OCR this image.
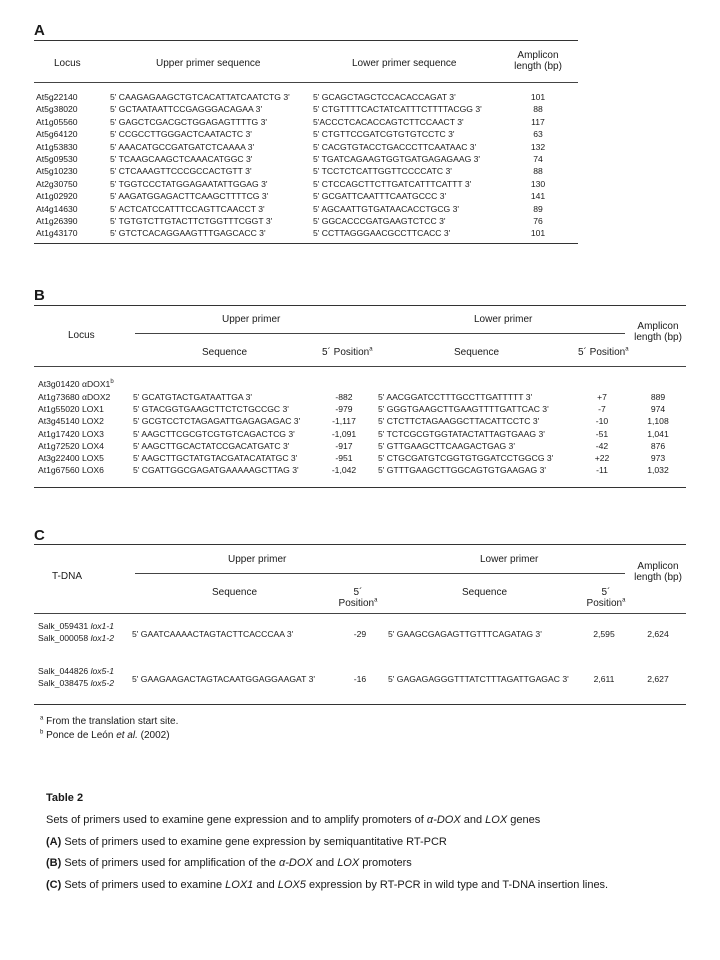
A
Locus	Upper primer sequence	Lower primer sequence
Amplicon
length (bp)
At5g22140	5' CAAGAGAAGCTGTCACATTATCAATCTG 3'	5' GCAGCTAGCTCCACACCAGAT 3'	101
At5g38020	5' GCTAATAATTCCGAGGGACAGAA 3'	5' CTGTTTTCACTATCATTTCTTTTACGG 3'	88
At1g05560	5' GAGCTCGACGCTGGAGAGTTTTG 3'	5'ACCCTCACACCAGTCTTCCAACT 3'	117
At5g64120	5' CCGCCTTGGGACTCAATACTC 3'	5' CTGTTCCGATCGTGTGTCCTC 3'	63
At1g53830	5' AAACATGCCGATGATCTCAAAA 3'	5' CACGTGTACCTGACCCTTCAATAAC 3'	132
At5g09530	5' TCAAGCAAGCTCAAACATGGC 3'	5' TGATCAGAAGTGGTGATGAGAGAAG 3'	74
At5g10230	5' CTCAAAGTTCCCGCCACTGTT 3'	5' TCCTCTCATTGGTTCCCCATC 3'	88
At2g30750	5' TGGTCCCTATGGAGAATATTGGAG 3'	5' CTCCAGCTTCTTGATCATTTCATTT 3'	130
At1g02920	5' AAGATGGAGACTTCAAGCTTTTCG 3'	5' GCGATTCAATTTCAATGCCC 3'	141
At4g14630	5' ACTCATCCATTTCCAGTTCAACCT 3'	5' AGCAATTGTGATAACACCTGCG 3'	89
At1g26390	5' TGTGTCTTGTACTTCTGGTTTCGGT 3'	5' GGCACCCGATGAAGTCTCC 3'	76
At1g43170	5' GTCTCACAGGAAGTTTGAGCACC 3'	5' CCTTAGGGAACGCCTTCACC 3'	101
B
Locus
Upper primer	Lower primer
Sequence	5´ Position$^a$	Sequence	5´ Position$^a$
Amplicon
length (bp)
At3g01420 αDOX1$^b$
At1g73680 αDOX2	5' GCATGTACTGATAATTGA 3'	-882	5' AACGGATCCTTTGCCTTGATTTTT 3'	+7	889
At1g55020 LOX1	5' GTACGGTGAAGCTTCTCTGCCGC 3'	-979	5' GGGTGAAGCTTGAAGTTTTGATTCAC 3'	-7	974
At3g45140 LOX2	5' GCGTCCTCTAGAGATTGAGAGAGAC 3'	-1,117	5' CTCTTCTAGAAGGCTTACATTCCTC 3'	-10	1,108
At1g17420 LOX3	5' AAGCTTCGCGTCGTGTCAGACTCG 3'	-1,091	5' TCTCGCGTGGTATACTATTAGTGAAG 3'	-51	1,041
At1g72520 LOX4	5' AAGCTTGCACTATCCGACATGATC 3'	-917	5' GTTGAAGCTTCAAGACTGAG 3'	-42	876
At3g22400 LOX5	5' AAGCTTGCTATGTACGATACATATGC 3'	-951	5' CTGCGATGTCGGTGTGGATCCTGGCG 3'	+22	973
At1g67560 LOX6	5' CGATTGGCGAGATGAAAAAGCTTAG 3'	-1,042	5' GTTTGAAGCTTGGCAGTGTGAAGAG 3'	-11	1,032
C
T-DNA
Upper primer	Lower primer
Sequence	5´
Position$^a$
Sequence	5´
Position$^a$
Amplicon
length (bp)
Salk_059431 lox1-1
Salk_000058 lox1-2 5' GAATCAAAACTAGTACTTCACCCAA 3'	-29	5' GAAGCGAGAGTTGTTTCAGATAG 3'	2,595	2,624
Salk_044826 lox5-1
Salk_038475 lox5-2 5' GAAGAAGACTAGTACAATGGAGGAAGAT 3'	-16	5' GAGAGAGGGTTTATCTTTAGATTGAGAC 3'	2,611	2,627
$^a$ From the translation start site.
$^b$ Ponce de León et al. (2002)
Table 2
Sets of primers used to examine gene expression and to amplify promoters of α-DOX and LOX genes
(A) Sets of primers used to examine gene expression by semiquantitative RT-PCR
(B) Sets of primers used for amplification of the α-DOX and LOX promoters
(C) Sets of primers used to examine LOX1 and LOX5 expression by RT-PCR in wild type and T-DNA insertion lines.
